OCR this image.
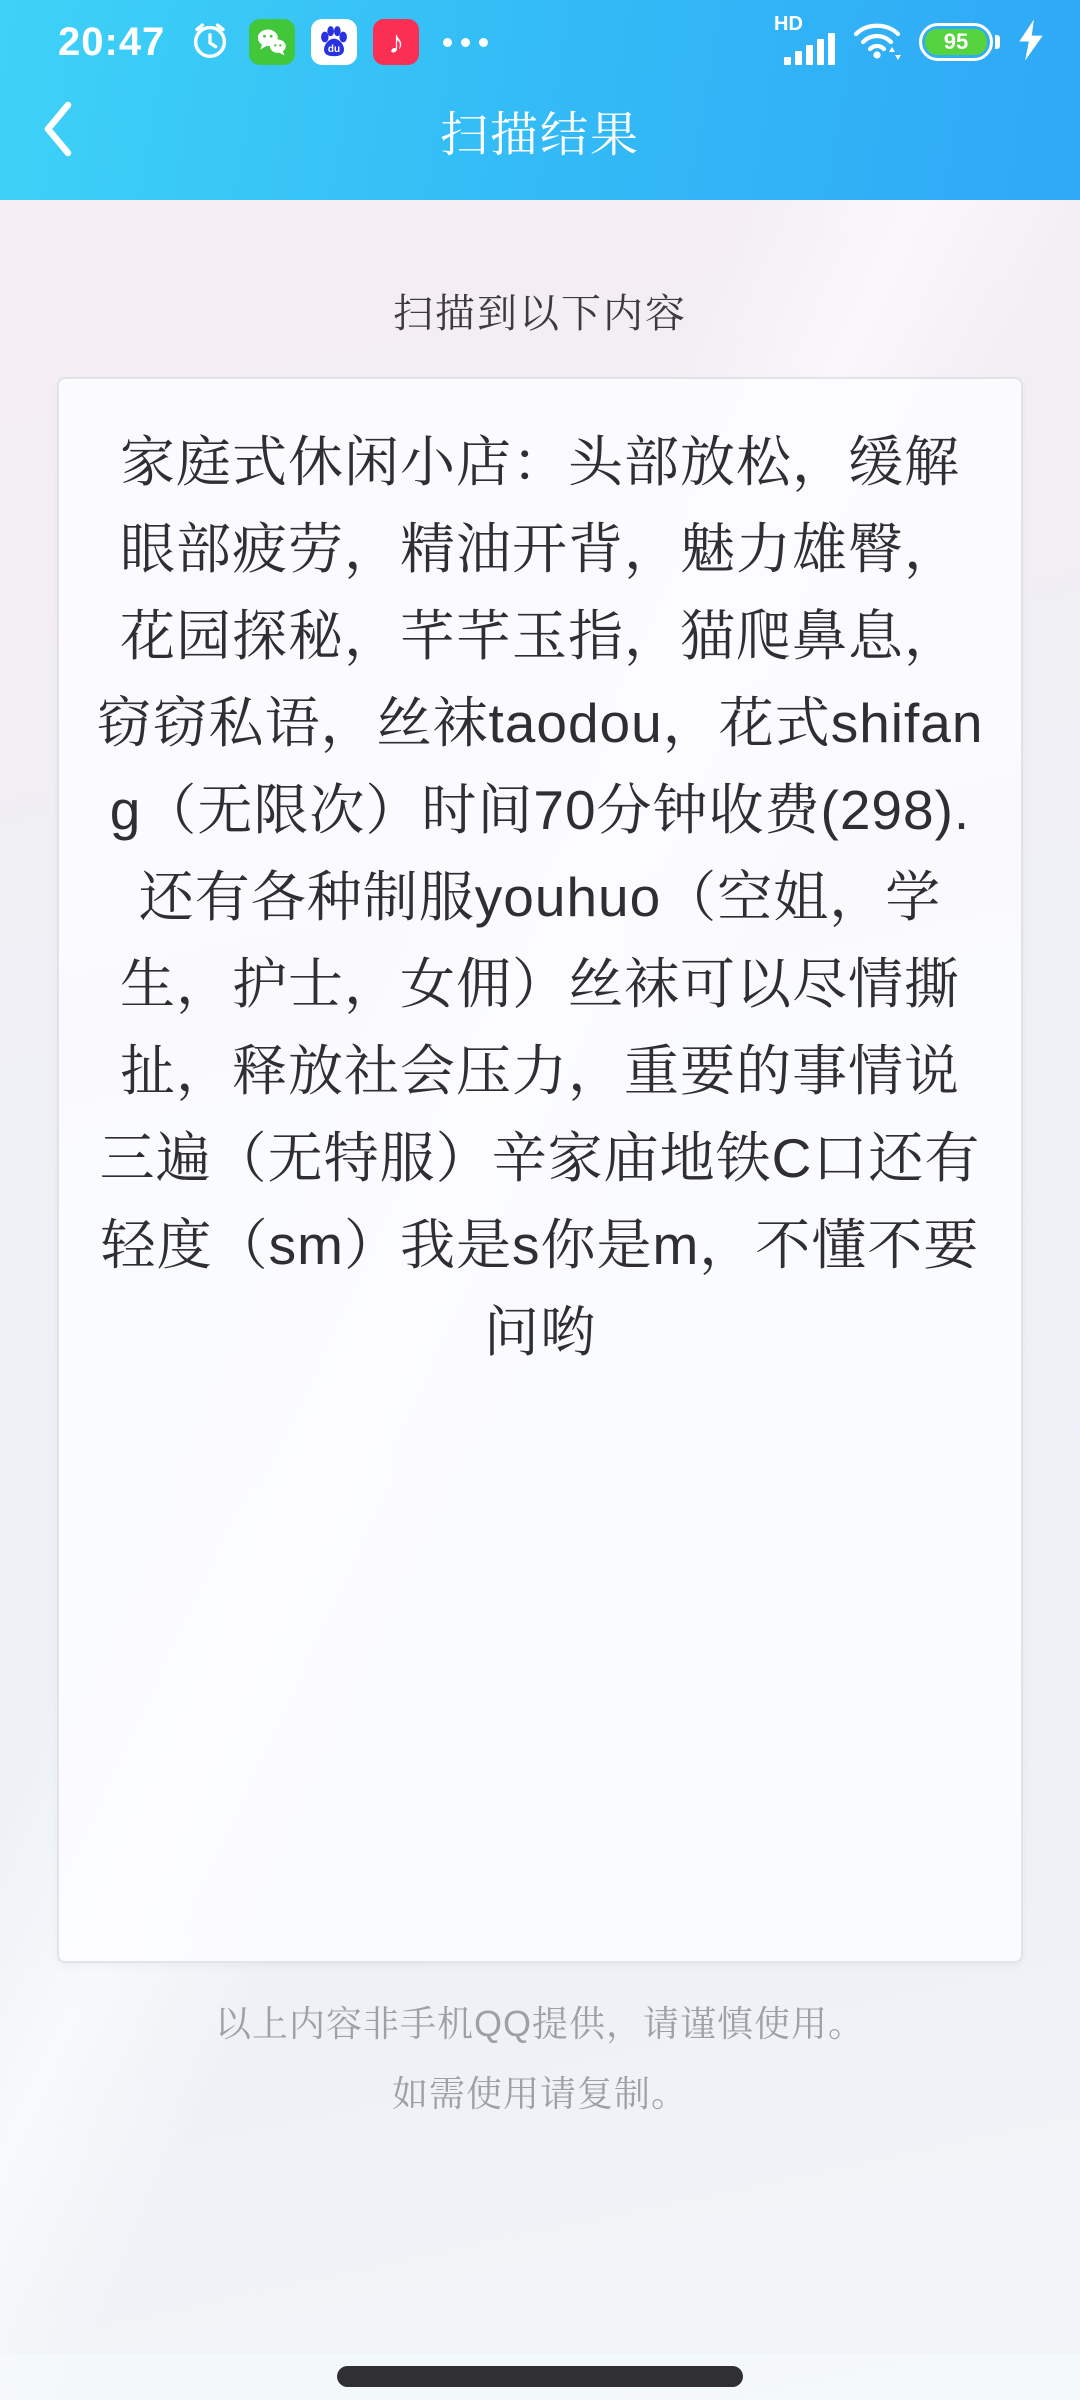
20:47	du	♪	HD
95
扫描结果
扫描到以下内容

家庭式休闲小店：头部放松，缓解眼部疲劳，精油开背，魅力雄臀，花园探秘，芊芊玉指，猫爬鼻息，窃窃私语，丝袜taodou，花式shifang（无限次）时间70分钟收费(298).还有各种制服youhuo（空姐，学生，护士，女佣）丝袜可以尽情撕扯，释放社会压力，重要的事情说三遍（无特服）辛家庙地铁C口还有轻度（sm）我是s你是m，不懂不要问哟

以上内容非手机QQ提供，请谨慎使用。
如需使用请复制。
